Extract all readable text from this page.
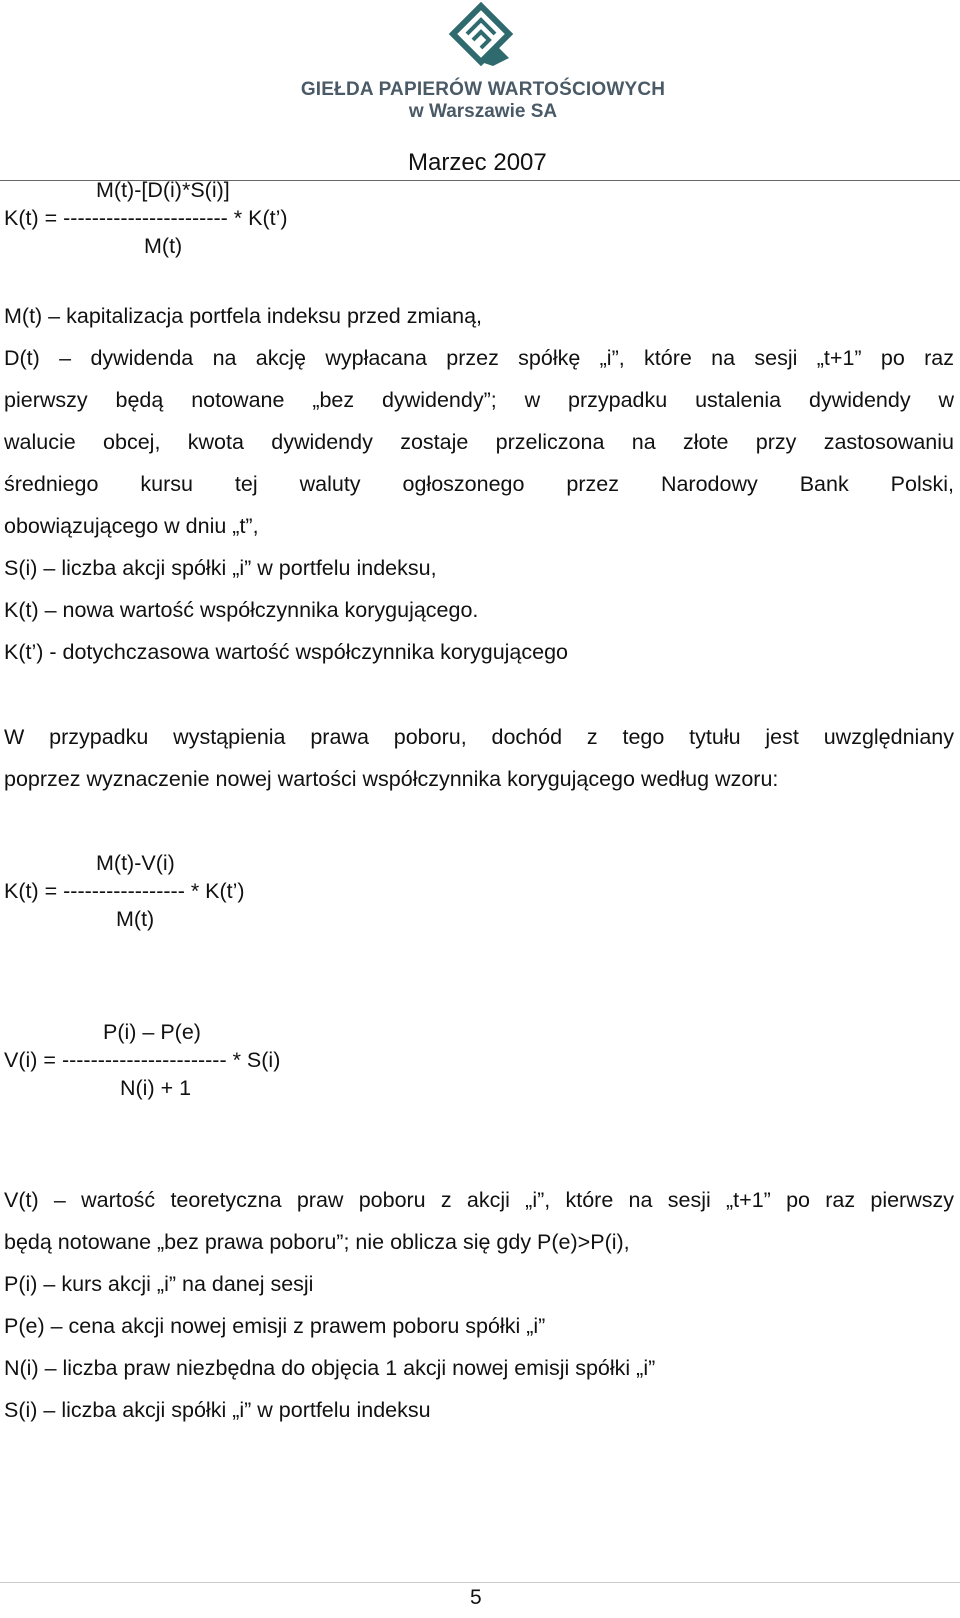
GIEŁDA PAPIERÓW WARTOŚCIOWYCH
w Warszawie SA
Marzec 2007
M(t)-[D(i)*S(i)]
K(t) = ----------------------- * K(t’)
M(t)
M(t) – kapitalizacja portfela indeksu przed zmianą,
D(t) – dywidenda na akcję wypłacana przez spółkę „i”, które na sesji „t+1” po raz
pierwszy będą notowane „bez dywidendy”; w przypadku ustalenia dywidendy w
walucie obcej, kwota dywidendy zostaje przeliczona na złote przy zastosowaniu
średniego kursu tej waluty ogłoszonego przez Narodowy Bank Polski,
obowiązującego w dniu „t”,
S(i) – liczba akcji spółki „i” w portfelu indeksu,
K(t) – nowa wartość współczynnika korygującego.
K(t’) - dotychczasowa wartość współczynnika korygującego
W przypadku wystąpienia prawa poboru, dochód z tego tytułu jest uwzględniany
poprzez wyznaczenie nowej wartości współczynnika korygującego według wzoru:
M(t)-V(i)
K(t) = ----------------- * K(t’)
M(t)
P(i) – P(e)
V(i) = ----------------------- * S(i)
N(i) + 1
V(t) – wartość teoretyczna praw poboru z akcji „i”, które na sesji „t+1” po raz pierwszy
będą notowane „bez prawa poboru”; nie oblicza się gdy P(e)>P(i),
P(i) – kurs akcji „i” na danej sesji
P(e) – cena akcji nowej emisji z prawem poboru spółki „i”
N(i) – liczba praw niezbędna do objęcia 1 akcji nowej emisji spółki „i”
S(i) – liczba akcji spółki „i” w portfelu indeksu
5
